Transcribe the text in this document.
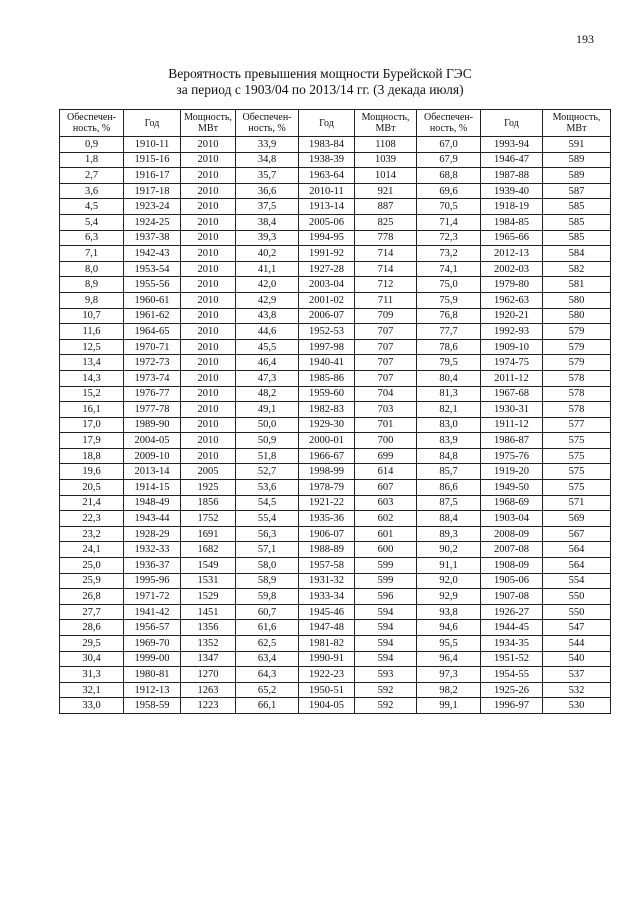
193
Вероятность превышения мощности Бурейской ГЭС
за период с 1903/04 по 2013/14 гг. (3 декада июля)
Обеспечен-ность, %	Год	Мощность, МВт	Обеспечен-ность, %	Год	Мощность, МВт	Обеспечен-ность, %	Год	Мощность, МВт
0,9	1910-11	2010	33,9	1983-84	1108	67,0	1993-94	591
1,8	1915-16	2010	34,8	1938-39	1039	67,9	1946-47	589
2,7	1916-17	2010	35,7	1963-64	1014	68,8	1987-88	589
3,6	1917-18	2010	36,6	2010-11	921	69,6	1939-40	587
4,5	1923-24	2010	37,5	1913-14	887	70,5	1918-19	585
5,4	1924-25	2010	38,4	2005-06	825	71,4	1984-85	585
6,3	1937-38	2010	39,3	1994-95	778	72,3	1965-66	585
7,1	1942-43	2010	40,2	1991-92	714	73,2	2012-13	584
8,0	1953-54	2010	41,1	1927-28	714	74,1	2002-03	582
8,9	1955-56	2010	42,0	2003-04	712	75,0	1979-80	581
9,8	1960-61	2010	42,9	2001-02	711	75,9	1962-63	580
10,7	1961-62	2010	43,8	2006-07	709	76,8	1920-21	580
11,6	1964-65	2010	44,6	1952-53	707	77,7	1992-93	579
12,5	1970-71	2010	45,5	1997-98	707	78,6	1909-10	579
13,4	1972-73	2010	46,4	1940-41	707	79,5	1974-75	579
14,3	1973-74	2010	47,3	1985-86	707	80,4	2011-12	578
15,2	1976-77	2010	48,2	1959-60	704	81,3	1967-68	578
16,1	1977-78	2010	49,1	1982-83	703	82,1	1930-31	578
17,0	1989-90	2010	50,0	1929-30	701	83,0	1911-12	577
17,9	2004-05	2010	50,9	2000-01	700	83,9	1986-87	575
18,8	2009-10	2010	51,8	1966-67	699	84,8	1975-76	575
19,6	2013-14	2005	52,7	1998-99	614	85,7	1919-20	575
20,5	1914-15	1925	53,6	1978-79	607	86,6	1949-50	575
21,4	1948-49	1856	54,5	1921-22	603	87,5	1968-69	571
22,3	1943-44	1752	55,4	1935-36	602	88,4	1903-04	569
23,2	1928-29	1691	56,3	1906-07	601	89,3	2008-09	567
24,1	1932-33	1682	57,1	1988-89	600	90,2	2007-08	564
25,0	1936-37	1549	58,0	1957-58	599	91,1	1908-09	564
25,9	1995-96	1531	58,9	1931-32	599	92,0	1905-06	554
26,8	1971-72	1529	59,8	1933-34	596	92,9	1907-08	550
27,7	1941-42	1451	60,7	1945-46	594	93,8	1926-27	550
28,6	1956-57	1356	61,6	1947-48	594	94,6	1944-45	547
29,5	1969-70	1352	62,5	1981-82	594	95,5	1934-35	544
30,4	1999-00	1347	63,4	1990-91	594	96,4	1951-52	540
31,3	1980-81	1270	64,3	1922-23	593	97,3	1954-55	537
32,1	1912-13	1263	65,2	1950-51	592	98,2	1925-26	532
33,0	1958-59	1223	66,1	1904-05	592	99,1	1996-97	530
